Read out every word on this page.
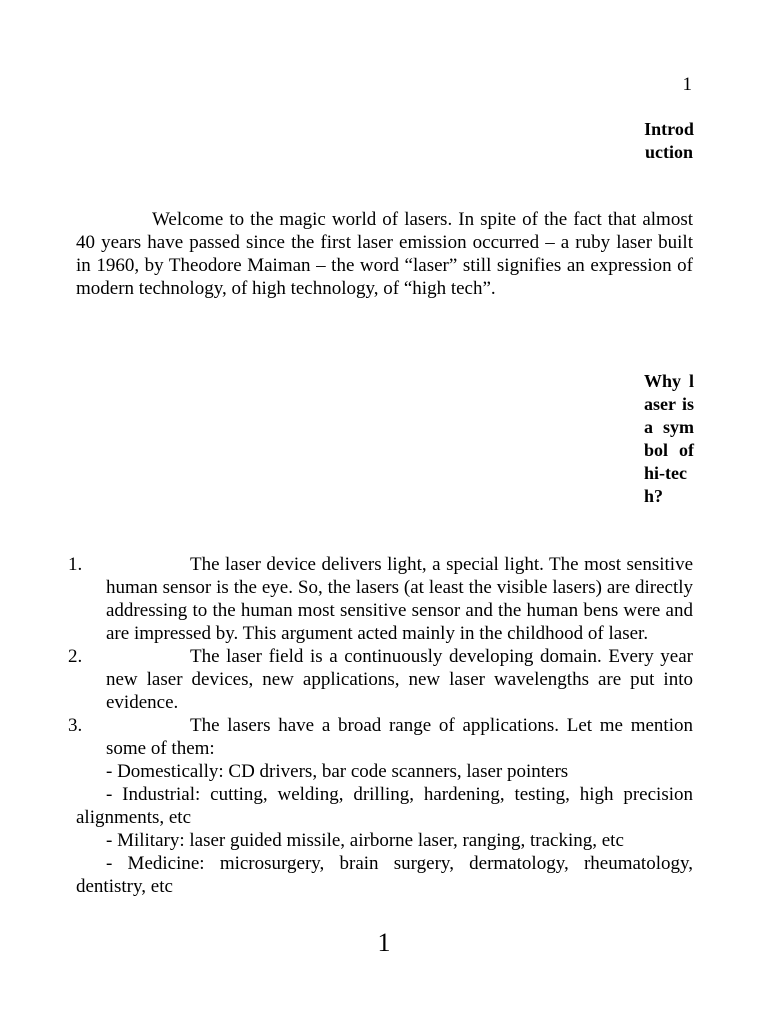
1
Introduction
Welcome to the magic world of lasers. In spite of the fact that almost 40 years have passed since the first laser emission occurred – a ruby laser built in 1960, by Theodore Maiman – the word “laser” still signifies an expression of modern technology, of high technology, of “high tech”.
Why laser is a symbol of hi-tech?
1.	The laser device delivers light, a special light. The most sensitive human sensor is the eye. So, the lasers (at least the visible lasers) are directly addressing to the human most sensitive sensor and the human bens were and are impressed by. This argument acted mainly in the childhood of laser.
2.	The laser field is a continuously developing domain. Every year new laser devices, new applications, new laser wavelengths are put into evidence.
3.	The lasers have a broad range of applications. Let me mention some of them:
- Domestically: CD drivers, bar code scanners, laser pointers
- Industrial: cutting, welding, drilling, hardening, testing, high precision alignments, etc
- Military: laser guided missile, airborne laser, ranging, tracking, etc
- Medicine: microsurgery, brain surgery, dermatology, rheumatology, dentistry, etc
1
